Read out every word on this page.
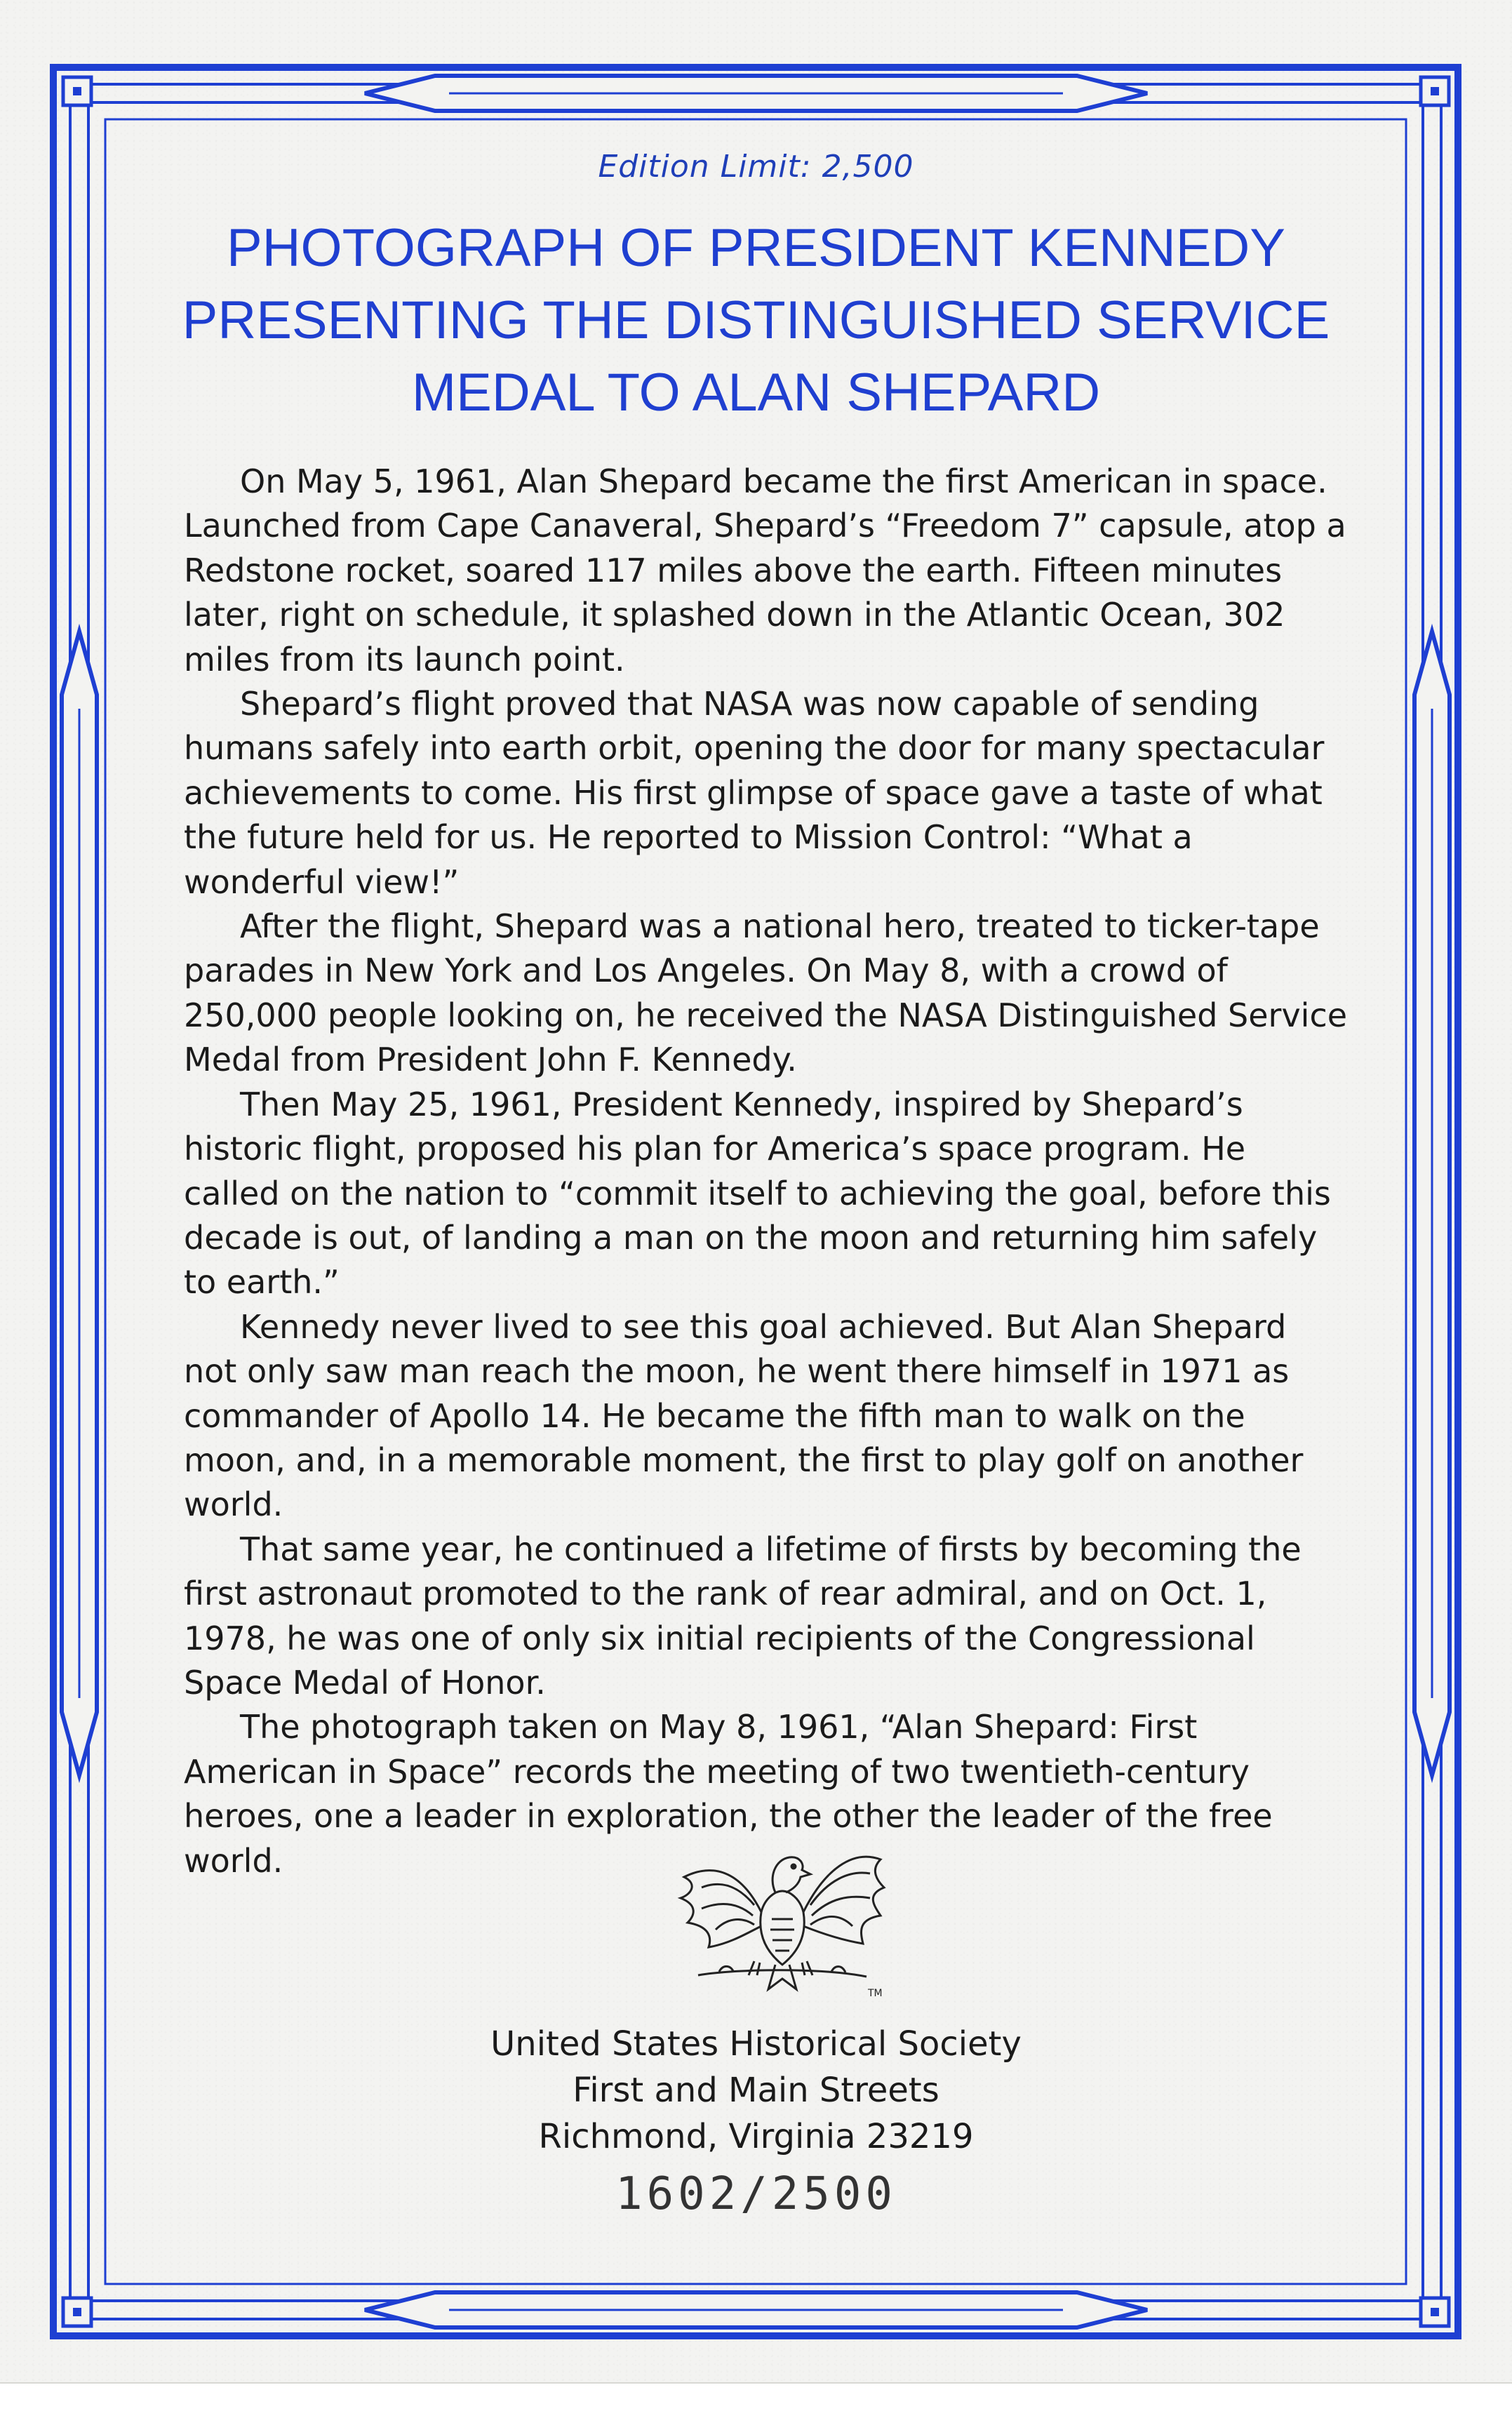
Edition Limit: 2,500
PHOTOGRAPH OF PRESIDENT KENNEDY
PRESENTING THE DISTINGUISHED SERVICE
MEDAL TO ALAN SHEPARD

On May 5, 1961, Alan Shepard became the first American in space. Launched from Cape Canaveral, Shepard’s “Freedom 7” capsule, atop a Redstone rocket, soared 117 miles above the earth. Fifteen minutes later, right on schedule, it splashed down in the Atlantic Ocean, 302 miles from its launch point.

Shepard’s flight proved that NASA was now capable of sending humans safely into earth orbit, opening the door for many spectacular achievements to come. His first glimpse of space gave a taste of what the future held for us. He reported to Mission Control: “What a wonderful view!”

After the flight, Shepard was a national hero, treated to ticker-tape parades in New York and Los Angeles. On May 8, with a crowd of 250,000 people looking on, he received the NASA Distinguished Service Medal from President John F. Kennedy.

Then May 25, 1961, President Kennedy, inspired by Shepard’s historic flight, proposed his plan for America’s space program. He called on the nation to “commit itself to achieving the goal, before this decade is out, of landing a man on the moon and returning him safely to earth.”

Kennedy never lived to see this goal achieved. But Alan Shepard not only saw man reach the moon, he went there himself in 1971 as commander of Apollo 14. He became the fifth man to walk on the moon, and, in a memorable moment, the first to play golf on another world.

That same year, he continued a lifetime of firsts by becoming the first astronaut promoted to the rank of rear admiral, and on Oct. 1, 1978, he was one of only six initial recipients of the Congressional Space Medal of Honor.

The photograph taken on May 8, 1961, “Alan Shepard: First American in Space” records the meeting of two twentieth-century heroes, one a leader in exploration, the other the leader of the free world.

TM
United States Historical Society
First and Main Streets
Richmond, Virginia 23219
1602/2500
